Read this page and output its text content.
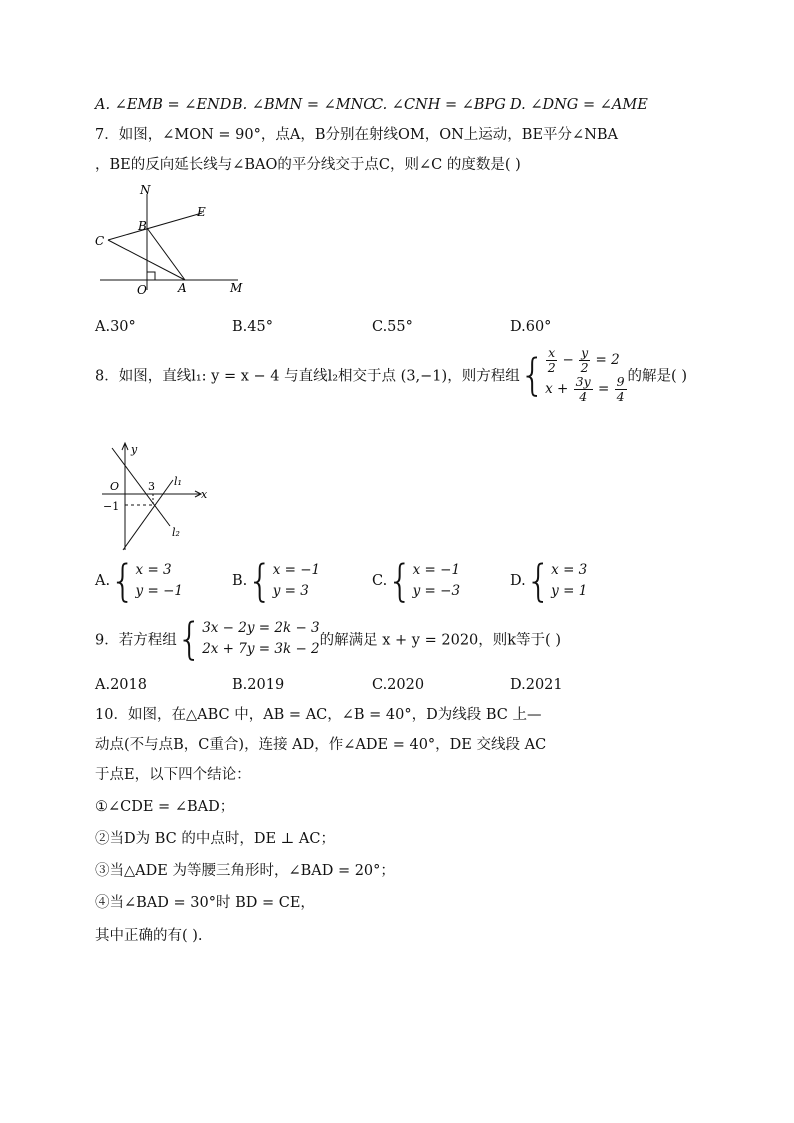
A. ∠EMB = ∠END B. ∠BMN = ∠MNC
C. ∠CNH = ∠BPG D. ∠DNG = ∠AME
7．如图，∠MON = 90°，点A，B分别在射线OM，ON上运动，BE平分∠NBA
，BE的反向延长线与∠BAO的平分线交于点C，则∠C 的度数是( )
N
E
B
C
O	A	M
A.30°	B.45°	C.55°	D.60°
8．如图，直线l₁: y = x − 4 与直线l₂相交于点 (3,−1)，则方程组{ $\frac{x}{2} - \frac{y}{2} = 2$
$x + \frac{3y}{4} = \frac{9}{4}$ 的解是( )
y
x
O	3
−1
l₁
l₂
A.{ x = 3
y = −1
B.{ x = −1
y = 3
C.{ x = −1
y = −3
D.{ x = 3
y = 1
9．若方程组{ 3x − 2y = 2k − 3
2x + 7y = 3k − 2
的解满足 x + y = 2020，则k等于( )
A.2018	B.2019	C.2020	D.2021
10．如图，在△ABC 中，AB = AC，∠B = 40°，D为线段 BC 上—
动点(不与点B，C重合)，连接 AD，作∠ADE = 40°，DE 交线段 AC
于点E，以下四个结论：
①∠CDE = ∠BAD；
②当D为 BC 的中点时，DE ⊥ AC；
③当△ADE 为等腰三角形时，∠BAD = 20°；
④当∠BAD = 30°时 BD = CE，
其中正确的有( ).
